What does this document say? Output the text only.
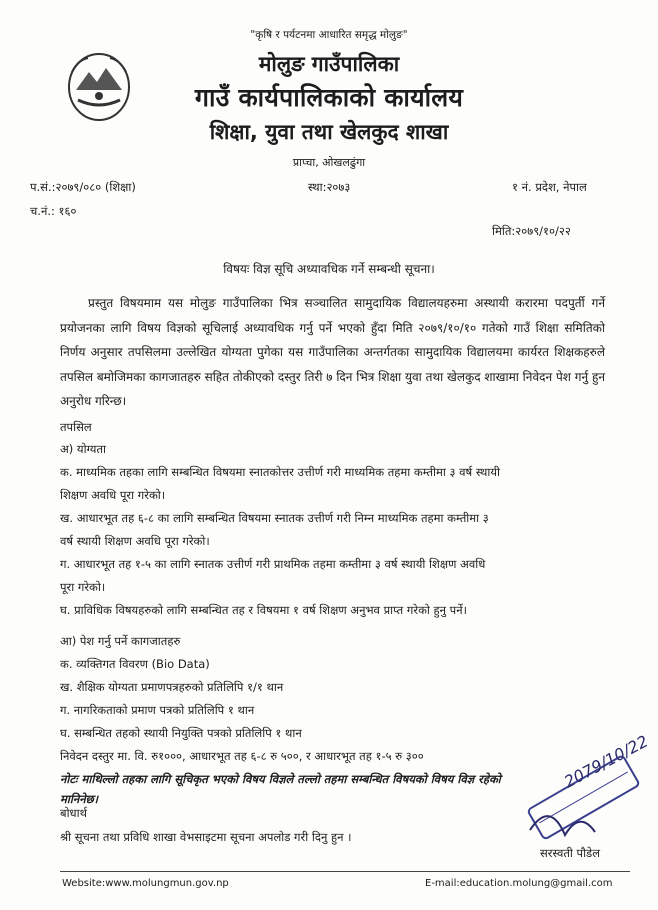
"कृषि र पर्यटनमा आधारित समृद्ध मोलुङ"
मोलुङ गाउँपालिका
गाउँ कार्यपालिकाको कार्यालय
शिक्षा, युवा तथा खेलकुद शाखा
प्राप्चा, ओखलढुंगा
प.सं.:२०७९/०८० (शिक्षा)	स्था:२०७३	१ नं. प्रदेश, नेपाल
च.नं.: १६०
मिति:२०७९/१०/२२
विषयः विज्ञ सूचि अध्यावधिक गर्ने सम्बन्धी सूचना।
प्रस्तुत विषयमाम यस मोलुङ गाउँपालिका भित्र सञ्चालित सामुदायिक विद्यालयहरुमा अस्थायी करारमा पदपुर्ती गर्ने प्रयोजनका लागि विषय विज्ञको सूचिलाई अध्यावधिक गर्नु पर्ने भएको हुँदा मिति २०७९/१०/१० गतेको गाउँ शिक्षा समितिको निर्णय अनुसार तपसिलमा उल्लेखित योग्यता पुगेका यस गाउँपालिका अन्तर्गतका सामुदायिक विद्यालयमा कार्यरत शिक्षकहरुले तपसिल बमोजिमका कागजातहरु सहित तोकीएको दस्तुर तिरी ७ दिन भित्र शिक्षा युवा तथा खेलकुद शाखामा निवेदन पेश गर्नु हुन अनुरोध गरिन्छ।
तपसिल
अ) योग्यता
क. माध्यमिक तहका लागि सम्बन्धित विषयमा स्नातकोत्तर उत्तीर्ण गरी माध्यमिक तहमा कम्तीमा ३ वर्ष स्थायी
शिक्षण अवधि पूरा गरेको।
ख. आधारभूत तह ६-८ का लागि सम्बन्धित विषयमा स्नातक उत्तीर्ण गरी निम्न माध्यमिक तहमा कम्तीमा ३
वर्ष स्थायी शिक्षण अवधि पूरा गरेको।
ग. आधारभूत तह १-५ का लागि स्नातक उत्तीर्ण गरी प्राथमिक तहमा कम्तीमा ३ वर्ष स्थायी शिक्षण अवधि
पूरा गरेको।
घ. प्राविधिक विषयहरुको लागि सम्बन्धित तह र विषयमा १ वर्ष शिक्षण अनुभव प्राप्त गरेको हुनु पर्ने।
आ) पेश गर्नु पर्ने कागजातहरु
क. व्यक्तिगत विवरण (Bio Data)
ख. शैक्षिक योग्यता प्रमाणपत्रहरुको प्रतिलिपि १/१ थान
ग. नागरिकताको प्रमाण पत्रको प्रतिलिपि १ थान
घ. सम्बन्धित तहको स्थायी नियुक्ति पत्रको प्रतिलिपि १ थान
निवेदन दस्तुर मा. वि. रु१०००, आधारभूत तह ६-८ रु ५००, र आधारभूत तह १-५ रु ३००
नोटः माथिल्लो तहका लागि सूचिकृत भएको विषय विज्ञले तल्लो तहमा सम्बन्धित विषयको विषय विज्ञ रहेको
मानिनेछ।
बोधार्थ
श्री सूचना तथा प्रविधि शाखा वेभसाइटमा सूचना अपलोड गरी दिनु हुन ।
2079/10/22
सरस्वती पौडेल
Website:www.molungmun.gov.np	E-mail:education.molung@gmail.com
